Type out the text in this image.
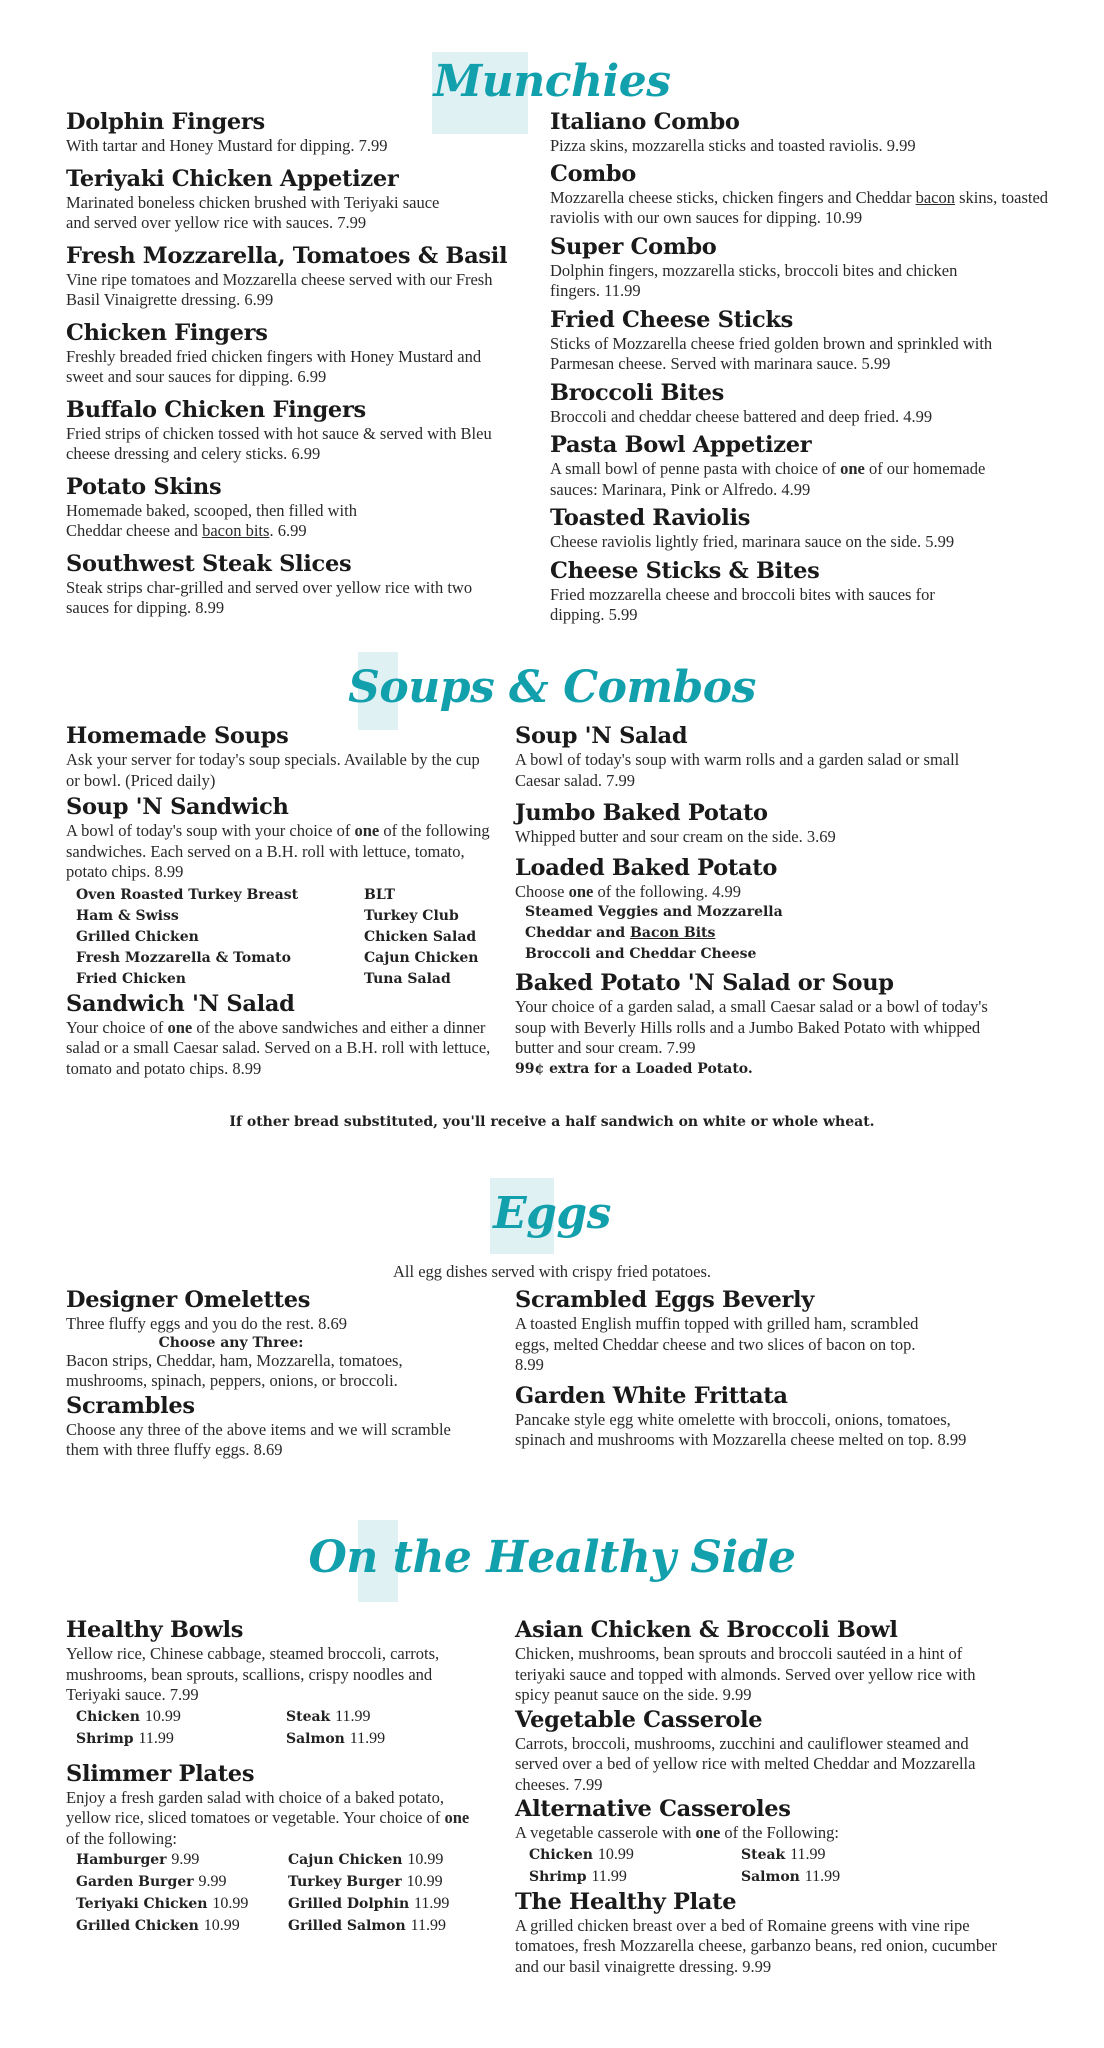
Munchies
Dolphin Fingers
With tartar and Honey Mustard for dipping. 7.99
Teriyaki Chicken Appetizer
Marinated boneless chicken brushed with Teriyaki sauce and served over yellow rice with sauces. 7.99
Fresh Mozzarella, Tomatoes & Basil
Vine ripe tomatoes and Mozzarella cheese served with our Fresh Basil Vinaigrette dressing. 6.99
Chicken Fingers
Freshly breaded fried chicken fingers with Honey Mustard and sweet and sour sauces for dipping. 6.99
Buffalo Chicken Fingers
Fried strips of chicken tossed with hot sauce & served with Bleu cheese dressing and celery sticks. 6.99
Potato Skins
Homemade baked, scooped, then filled with Cheddar cheese and bacon bits. 6.99
Southwest Steak Slices
Steak strips char-grilled and served over yellow rice with two sauces for dipping. 8.99
Italiano Combo
Pizza skins, mozzarella sticks and toasted raviolis. 9.99
Combo
Mozzarella cheese sticks, chicken fingers and Cheddar bacon skins, toasted raviolis with our own sauces for dipping. 10.99
Super Combo
Dolphin fingers, mozzarella sticks, broccoli bites and chicken fingers. 11.99
Fried Cheese Sticks
Sticks of Mozzarella cheese fried golden brown and sprinkled with Parmesan cheese. Served with marinara sauce. 5.99
Broccoli Bites
Broccoli and cheddar cheese battered and deep fried. 4.99
Pasta Bowl Appetizer
A small bowl of penne pasta with choice of one of our homemade sauces: Marinara, Pink or Alfredo. 4.99
Toasted Raviolis
Cheese raviolis lightly fried, marinara sauce on the side. 5.99
Cheese Sticks & Bites
Fried mozzarella cheese and broccoli bites with sauces for dipping. 5.99
Soups & Combos
Homemade Soups
Ask your server for today's soup specials. Available by the cup or bowl. (Priced daily)
Soup 'N Sandwich
A bowl of today's soup with your choice of one of the following sandwiches. Each served on a B.H. roll with lettuce, tomato, potato chips. 8.99
Oven Roasted Turkey Breast	BLT
Ham & Swiss	Turkey Club
Grilled Chicken	Chicken Salad
Fresh Mozzarella & Tomato	Cajun Chicken
Fried Chicken	Tuna Salad
Sandwich 'N Salad
Your choice of one of the above sandwiches and either a dinner salad or a small Caesar salad. Served on a B.H. roll with lettuce, tomato and potato chips. 8.99
Soup 'N Salad
A bowl of today's soup with warm rolls and a garden salad or small Caesar salad. 7.99
Jumbo Baked Potato
Whipped butter and sour cream on the side. 3.69
Loaded Baked Potato
Choose one of the following. 4.99
Steamed Veggies and Mozzarella
Cheddar and Bacon Bits
Broccoli and Cheddar Cheese
Baked Potato 'N Salad or Soup
Your choice of a garden salad, a small Caesar salad or a bowl of today's soup with Beverly Hills rolls and a Jumbo Baked Potato with whipped butter and sour cream. 7.99
99¢ extra for a Loaded Potato.
If other bread substituted, you'll receive a half sandwich on white or whole wheat.
Eggs
All egg dishes served with crispy fried potatoes.
Designer Omelettes
Three fluffy eggs and you do the rest. 8.69
Choose any Three:
Bacon strips, Cheddar, ham, Mozzarella, tomatoes, mushrooms, spinach, peppers, onions, or broccoli.
Scrambles
Choose any three of the above items and we will scramble them with three fluffy eggs. 8.69
Scrambled Eggs Beverly
A toasted English muffin topped with grilled ham, scrambled eggs, melted Cheddar cheese and two slices of bacon on top. 8.99
Garden White Frittata
Pancake style egg white omelette with broccoli, onions, tomatoes, spinach and mushrooms with Mozzarella cheese melted on top. 8.99
On the Healthy Side
Healthy Bowls
Yellow rice, Chinese cabbage, steamed broccoli, carrots, mushrooms, bean sprouts, scallions, crispy noodles and Teriyaki sauce. 7.99
Chicken 10.99	Steak 11.99
Shrimp 11.99	Salmon 11.99
Slimmer Plates
Enjoy a fresh garden salad with choice of a baked potato, yellow rice, sliced tomatoes or vegetable. Your choice of one of the following:
Hamburger 9.99	Cajun Chicken 10.99
Garden Burger 9.99	Turkey Burger 10.99
Teriyaki Chicken 10.99	Grilled Dolphin 11.99
Grilled Chicken 10.99	Grilled Salmon 11.99
Asian Chicken & Broccoli Bowl
Chicken, mushrooms, bean sprouts and broccoli sautéed in a hint of teriyaki sauce and topped with almonds. Served over yellow rice with spicy peanut sauce on the side. 9.99
Vegetable Casserole
Carrots, broccoli, mushrooms, zucchini and cauliflower steamed and served over a bed of yellow rice with melted Cheddar and Mozzarella cheeses. 7.99
Alternative Casseroles
A vegetable casserole with one of the Following:
Chicken 10.99	Steak 11.99
Shrimp 11.99	Salmon 11.99
The Healthy Plate
A grilled chicken breast over a bed of Romaine greens with vine ripe tomatoes, fresh Mozzarella cheese, garbanzo beans, red onion, cucumber and our basil vinaigrette dressing. 9.99
